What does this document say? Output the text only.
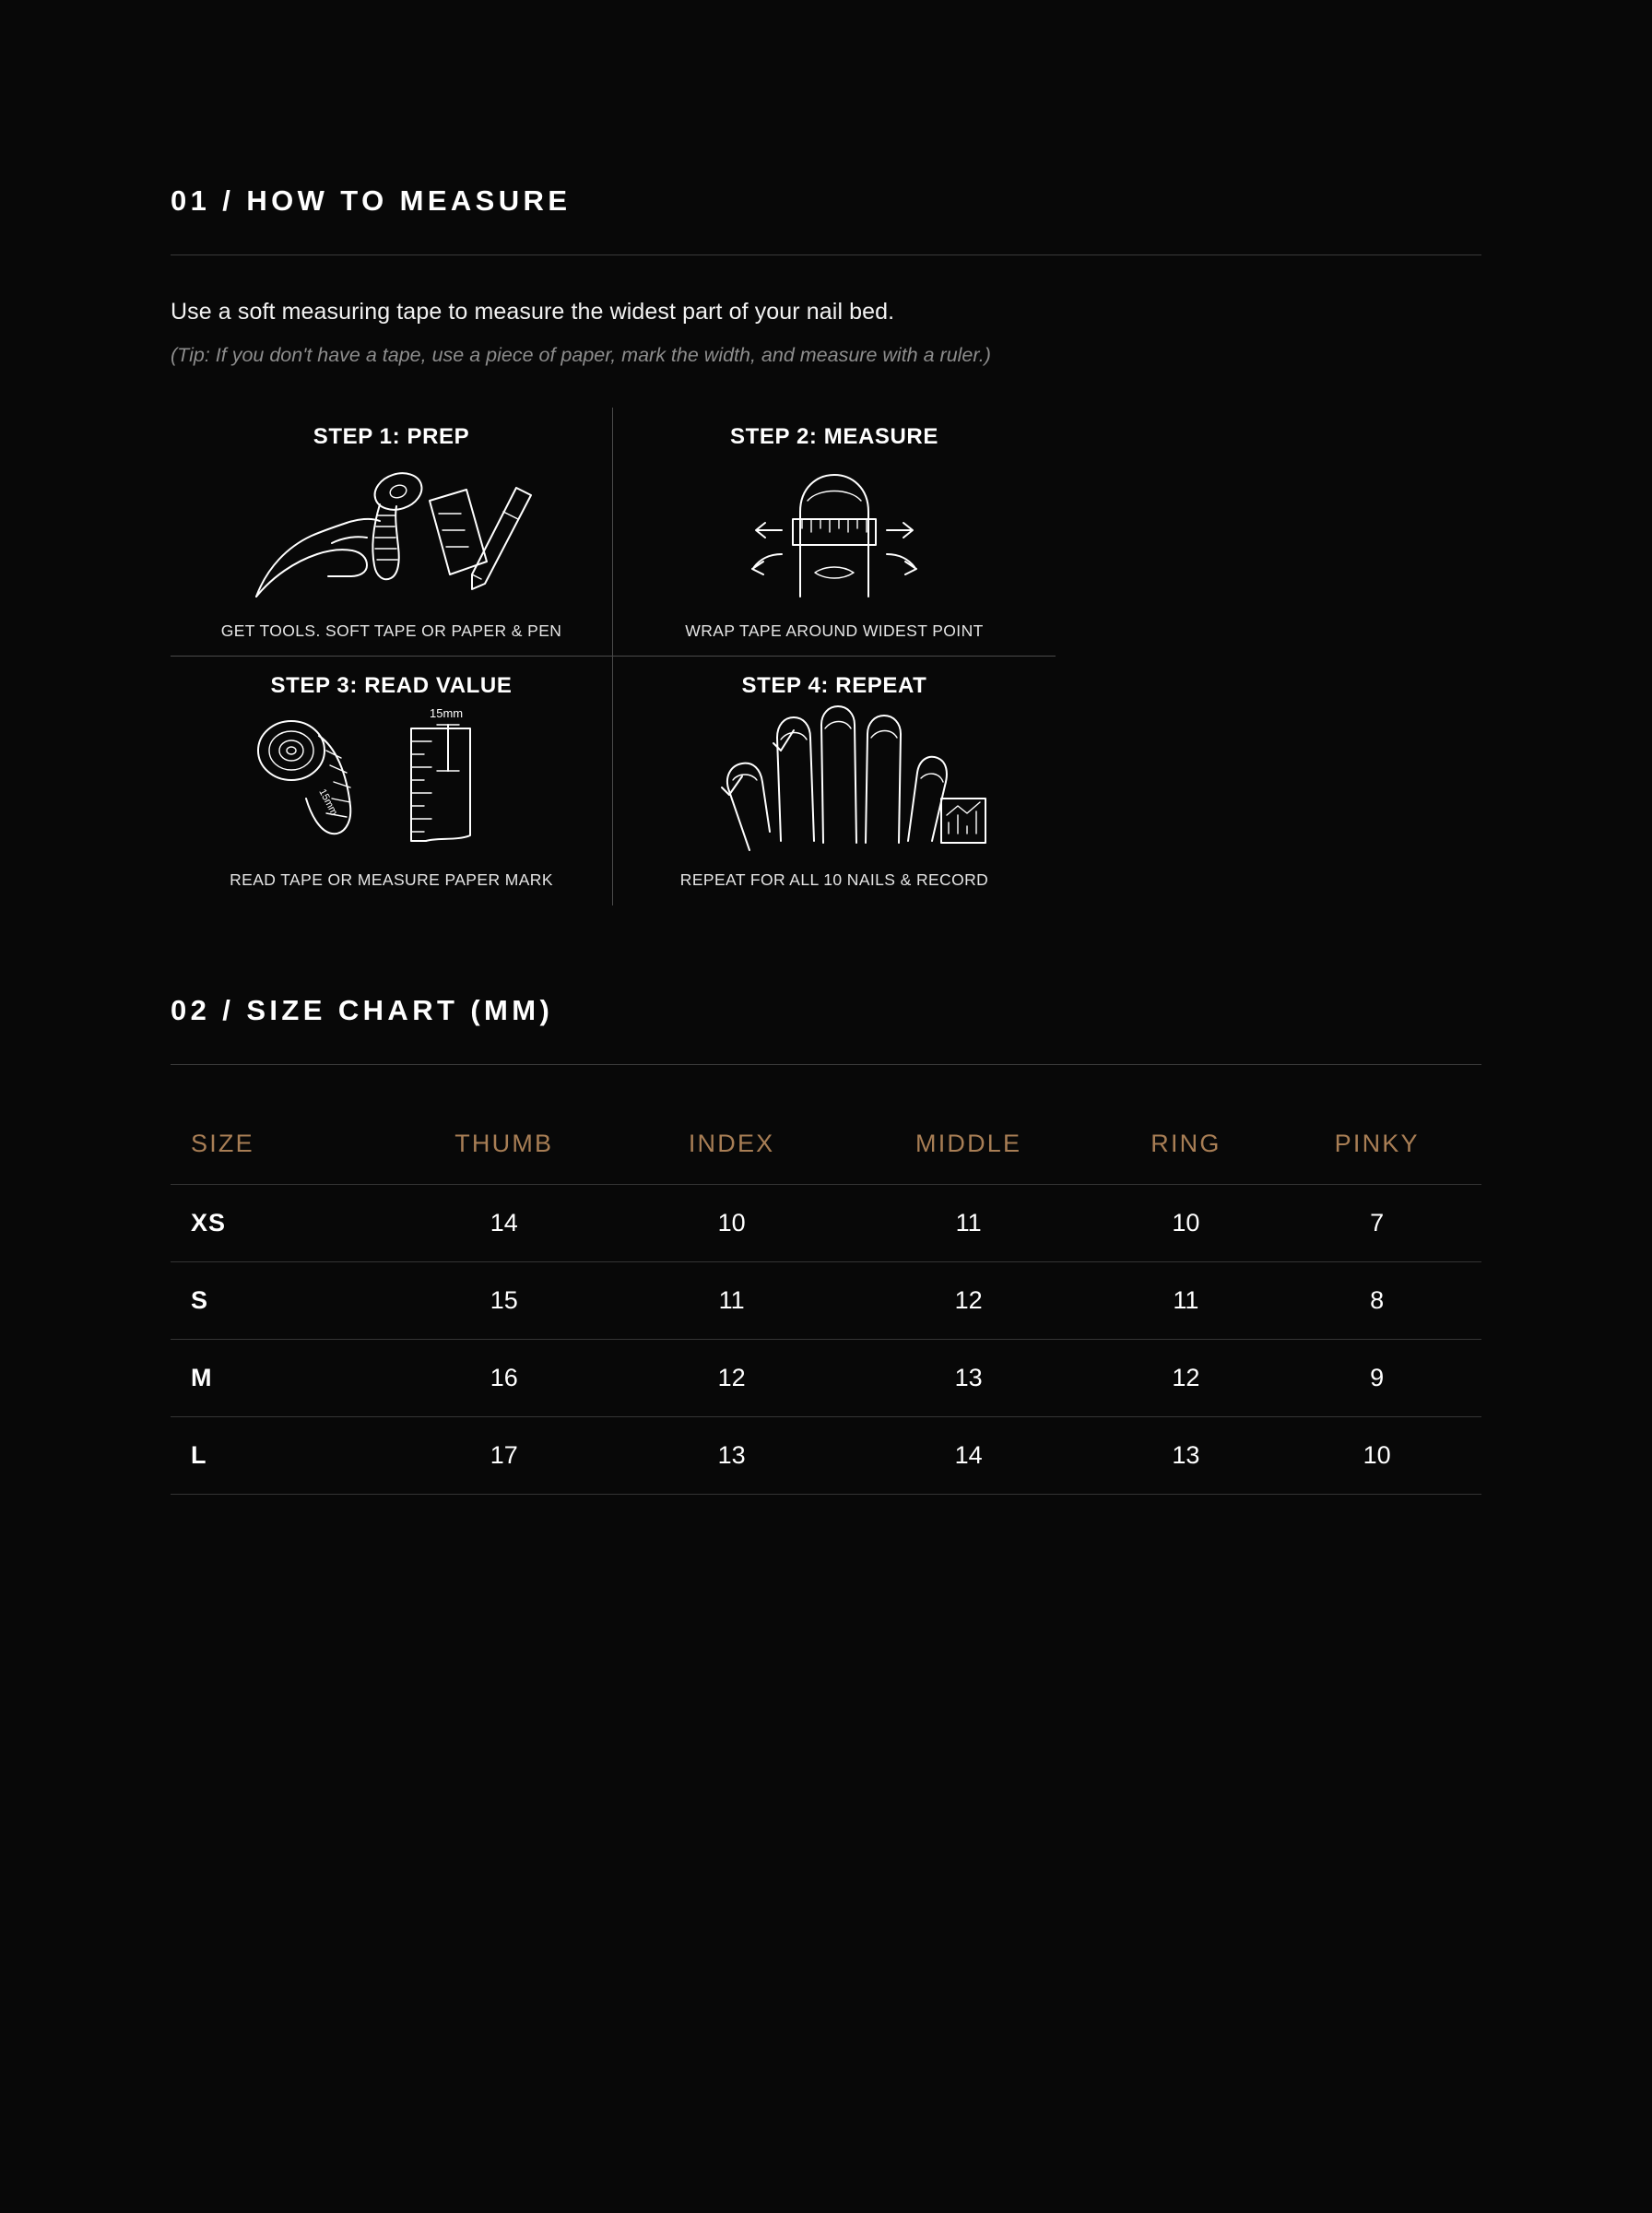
01 / HOW TO MEASURE

Use a soft measuring tape to measure the widest part of your nail bed.

(Tip: If you don't have a tape, use a piece of paper, mark the width, and measure with a ruler.)

STEP 1: PREP
GET TOOLS. SOFT TAPE OR PAPER & PEN
STEP 2: MEASURE
WRAP TAPE AROUND WIDEST POINT
STEP 3: READ VALUE
15mm
15mm
READ TAPE OR MEASURE PAPER MARK
STEP 4: REPEAT
REPEAT FOR ALL 10 NAILS & RECORD
02 / SIZE CHART (MM)
SIZE	THUMB	INDEX	MIDDLE	RING	PINKY
XS	14	10	11	10	7
S	15	11	12	11	8
M	16	12	13	12	9
L	17	13	14	13	10
